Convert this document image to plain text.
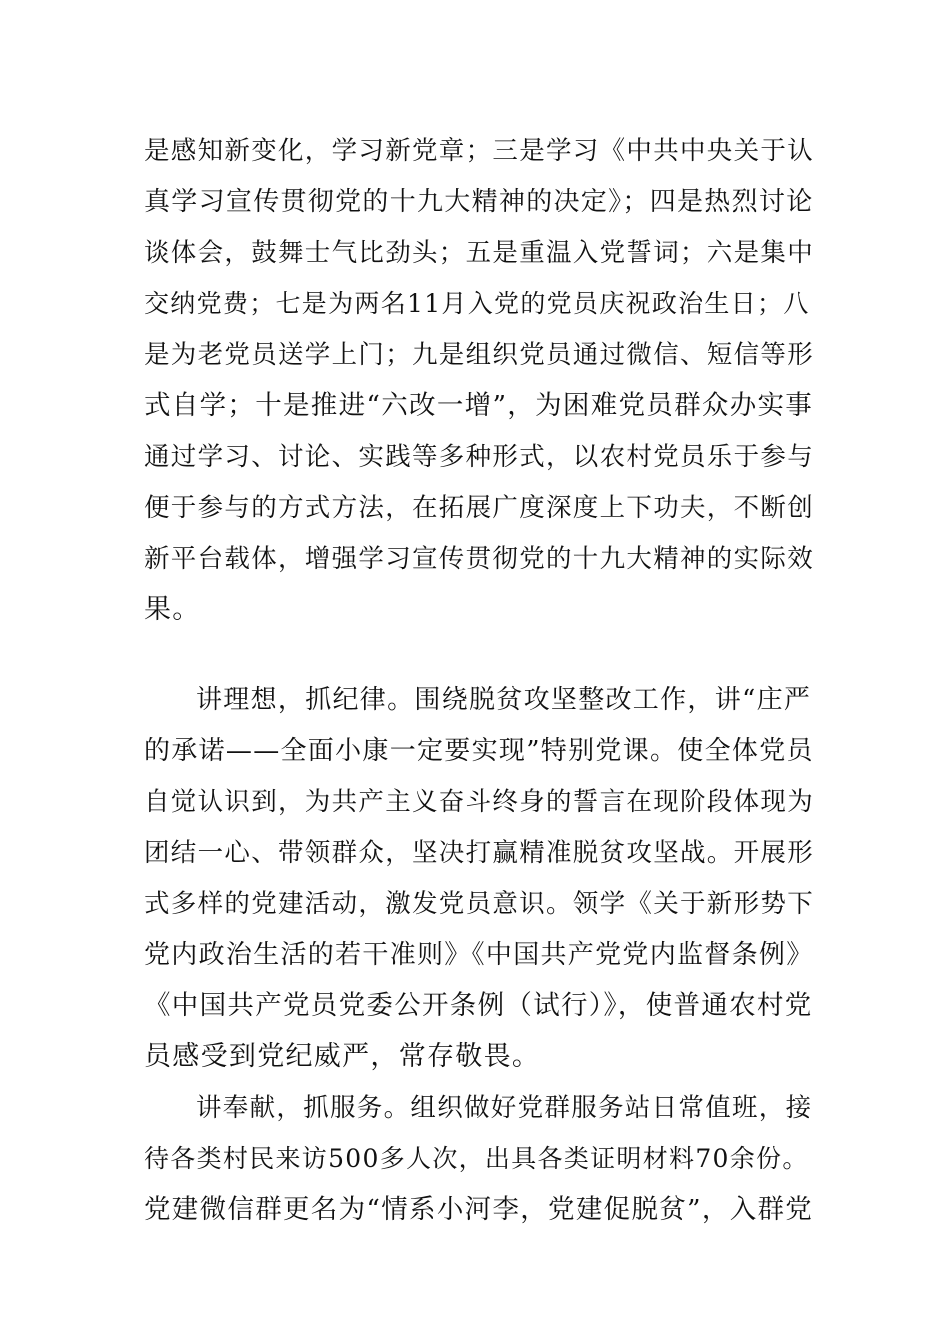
是感知新变化，学习新党章；三是学习《中共中央关于认
真学习宣传贯彻党的十九大精神的决定》；四是热烈讨论
谈体会，鼓舞士气比劲头；五是重温入党誓词；六是集中
交纳党费；七是为两名11月入党的党员庆祝政治生日；八
是为老党员送学上门；九是组织党员通过微信、短信等形
式自学；十是推进“六改一增”，为困难党员群众办实事
通过学习、讨论、实践等多种形式，以农村党员乐于参与
便于参与的方式方法，在拓展广度深度上下功夫，不断创
新平台载体，增强学习宣传贯彻党的十九大精神的实际效
果。
讲理想，抓纪律。围绕脱贫攻坚整改工作，讲“庄严
的承诺——全面小康一定要实现”特别党课。使全体党员
自觉认识到，为共产主义奋斗终身的誓言在现阶段体现为
团结一心、带领群众，坚决打赢精准脱贫攻坚战。开展形
式多样的党建活动，激发党员意识。领学《关于新形势下
党内政治生活的若干准则》《中国共产党党内监督条例》
《中国共产党员党委公开条例（试行）》，使普通农村党
员感受到党纪威严，常存敬畏。
讲奉献，抓服务。组织做好党群服务站日常值班，接
待各类村民来访500多人次，出具各类证明材料70余份。
党建微信群更名为“情系小河李，党建促脱贫”，入群党
